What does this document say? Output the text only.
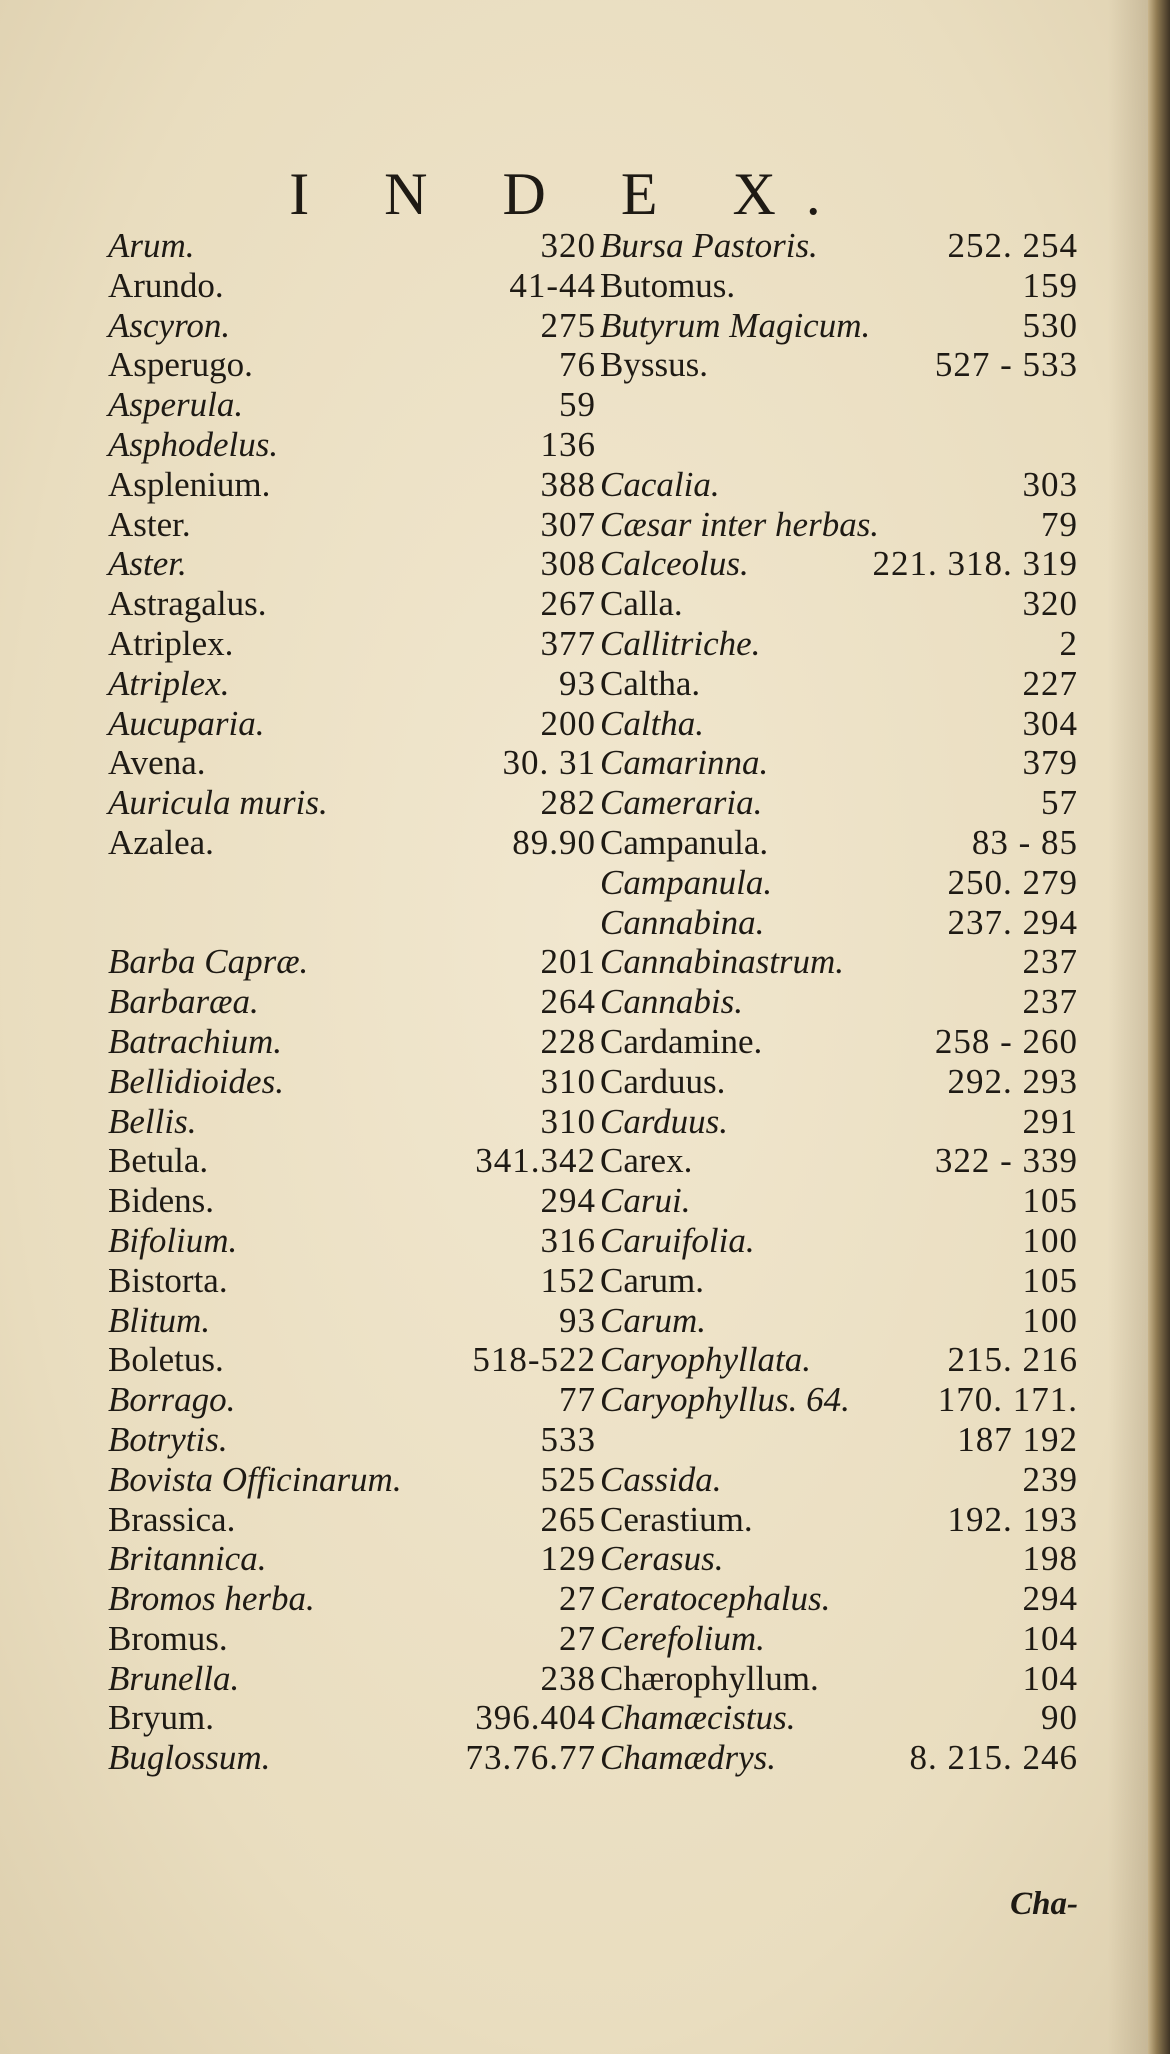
I N D E X.
Arum.	320
Arundo.	41-44
Ascyron.	275
Asperugo.	76
Asperula.	59
Asphodelus.	136
Asplenium.	388
Aster.	307
Aster.	308
Astragalus.	267
Atriplex.	377
Atriplex.	93
Aucuparia.	200
Avena.	30. 31
Auricula muris.	282
Azalea.	89.90
Barba Capræ.	201
Barbaræa.	264
Batrachium.	228
Bellidioides.	310
Bellis.	310
Betula.	341.342
Bidens.	294
Bifolium.	316
Bistorta.	152
Blitum.	93
Boletus.	518-522
Borrago.	77
Botrytis.	533
Bovista Officinarum.	525
Brassica.	265
Britannica.	129
Bromos herba.	27
Bromus.	27
Brunella.	238
Bryum.	396.404
Buglossum.	73.76.77
Bursa Pastoris.	252. 254
Butomus.	159
Butyrum Magicum.	530
Byssus.	527 - 533
Cacalia.	303
Cæsar inter herbas.	79
Calceolus.	221. 318. 319
Calla.	320
Callitriche.	2
Caltha.	227
Caltha.	304
Camarinna.	379
Cameraria.	57
Campanula.	83 - 85
Campanula.	250. 279
Cannabina.	237. 294
Cannabinastrum.	237
Cannabis.	237
Cardamine.	258 - 260
Carduus.	292. 293
Carduus.	291
Carex.	322 - 339
Carui.	105
Caruifolia.	100
Carum.	105
Carum.	100
Caryophyllata.	215. 216
Caryophyllus. 64.	170. 171.
187 192
Cassida.	239
Cerastium.	192. 193
Cerasus.	198
Ceratocephalus.	294
Cerefolium.	104
Chærophyllum.	104
Chamæcistus.	90
Chamædrys.	8. 215. 246
Cha-
